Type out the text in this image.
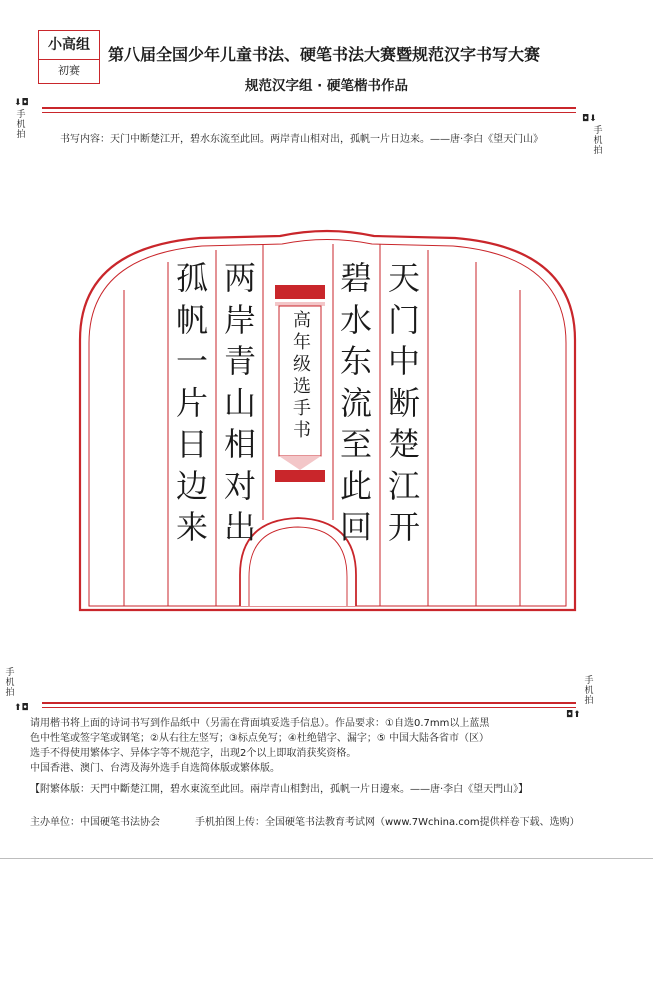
小高组
初赛
第八届全国少年儿童书法、硬笔书法大赛暨规范汉字书写大赛
规范汉字组 · 硬笔楷书作品
⬇◘
手机拍
◘⬇
手机拍
书写内容：天门中断楚江开，碧水东流至此回。两岸青山相对出，孤帆一片日边来。——唐·李白《望天门山》
高年级选手书
天
门
中
断
楚
江
开
碧
水
东
流
至
此
回
两
岸
青
山
相
对
出
孤
帆
一
片
日
边
来
手机拍
⬆◘
手机拍
◘⬆
请用楷书将上面的诗词书写到作品纸中（另需在背面填妥选手信息）。作品要求：①自选0.7mm以上蓝黑
色中性笔或签字笔或钢笔；②从右往左竖写；③标点免写；④杜绝错字、漏字；⑤ 中国大陆各省市（区）
选手不得使用繁体字、异体字等不规范字，出现2个以上即取消获奖资格。
中国香港、澳门、台湾及海外选手自选简体版或繁体版。
【附繁体版：天門中斷楚江開，碧水東流至此回。兩岸青山相對出，孤帆一片日邊來。——唐·李白《望天門山》】
主办单位：中国硬笔书法协会	手机拍图上传：全国硬笔书法教育考试网（www.7Wchina.com提供样卷下载、选购）
